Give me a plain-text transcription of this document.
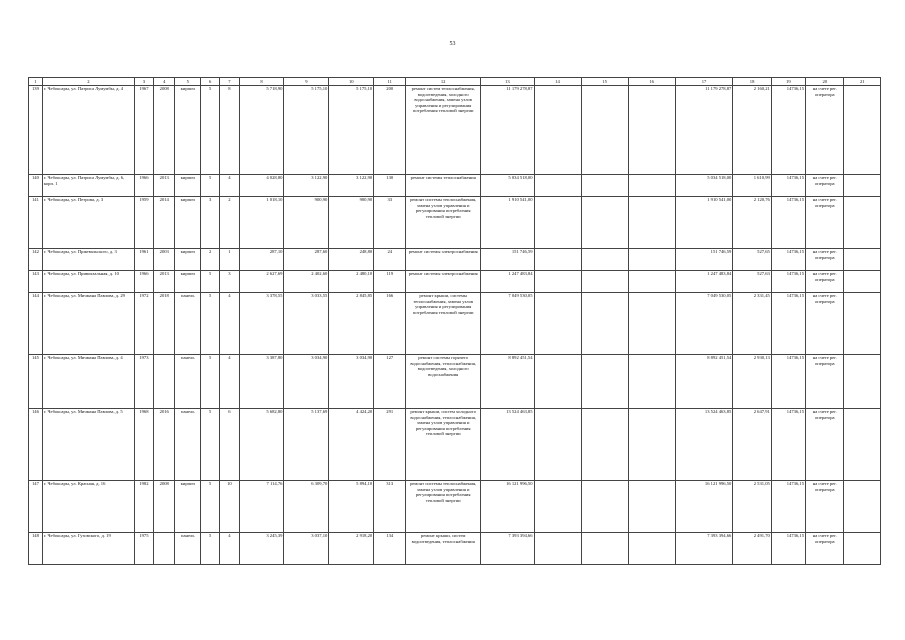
53
1	2	3	4	5	6	7	8	9	10	11	12	13	14	15	16	17	18	19	20	21
139	г. Чебоксары, ул. Патриса Лумумбы, д. 4	1967	2008	кирпич	5	8	5 718,90	5 175,10	5 175,10	200	ремонт систем теплоснабжения, водоотведения, холодного водоснабжения, замена узлов управления и регулирования потребления тепловой энергии	11 179 278,87				11 179 278,87	2 160,21	14736,15	на счете рег. оператора	
140	г. Чебоксары, ул. Патриса Лумумбы, д. 6, корп. 1	1966	2013	кирпич	5	4	4 028,80	3 122,90	3 122,90	130	ремонт системы теплоснабжения	5 034 518,00				5 034 518,00	1 610,99	14736,15	на счете рег. оператора	
141	г. Чебоксары, ул. Петрова, д. 3	1959	2014	кирпич	3	2	1 018,10	900,90	900,90	33	ремонт системы теплоснабжения, замена узлов управления и регулирования потребления тепловой энергии	1 910 541,00				1 910 541,00	2 120,76	14736,15	на счете рег. оператора	
142	г. Чебоксары, ул. Пржевальского, д. 3	1961	2003	кирпич	2	1	287,10	287,60	248,80	24	ремонт системы электроснабжения	151 746,59				151 746,59	527,65	14736,15	на счете рег. оператора	
143	г. Чебоксары, ул. Привокзальная, д. 10	1966	2013	кирпич	5	3	2 627,69	2 402,60	2 480,10	119	ремонт системы электроснабжения	1 247 483,84				1 247 483,84	527,63	14736,15	на счете рег. оператора	
144	г. Чебоксары, ул. Мичмана Павлова, д. 29	1972	2018	панель	5	4	3 378,55	3 033,55	2 845,85	166	ремонт крыши, системы теплоснабжения, замена узлов управления и регулирования потребления тепловой энергии	7 049 530,05				7 049 530,05	2 331,45	14736,15	на счете рег. оператора	
145	г. Чебоксары, ул. Мичмана Павлова, д. 4	1973		панель	5	4	3 387,80	3 034,90	3 034,90	127	ремонт системы горячего водоснабжения, теплоснабжения, водоотведения, холодного водоснабжения	8 892 451,54				8 892 451,54	2 930,13	14736,15	на счете рег. оператора	
146	г. Чебоксары, ул. Мичмана Павлова, д. 5	1968	2016	панель	5	6	5 682,80	5 137,69	4 424,20	291	ремонт крыши, систем холодного водоснабжения, теплоснабжения, замена узлов управления и регулирования потребления тепловой энергии	13 524 463,85				13 524 463,85	2 647,91	14736,15	на счете рег. оператора	
147	г. Чебоксары, ул. Красная, д. 16	1982	2008	кирпич	5	10	7 114,76	6 309,70	5 894,10	313	ремонт системы теплоснабжения, замена узлов управления и регулирования потребления тепловой энергии	16 121 996,50				16 121 996,50	2 531,05	14736,15	на счете рег. оператора	
148	г. Чебоксары, ул. Гузовского, д. 19	1975		панель	5	4	3 245,39	3 037,10	2 918,20	134	ремонт крыши, систем водоотведения, теплоснабжения	7 393 394,66				7 393 394,66	2 491,70	14736,15	на счете рег. оператора	
